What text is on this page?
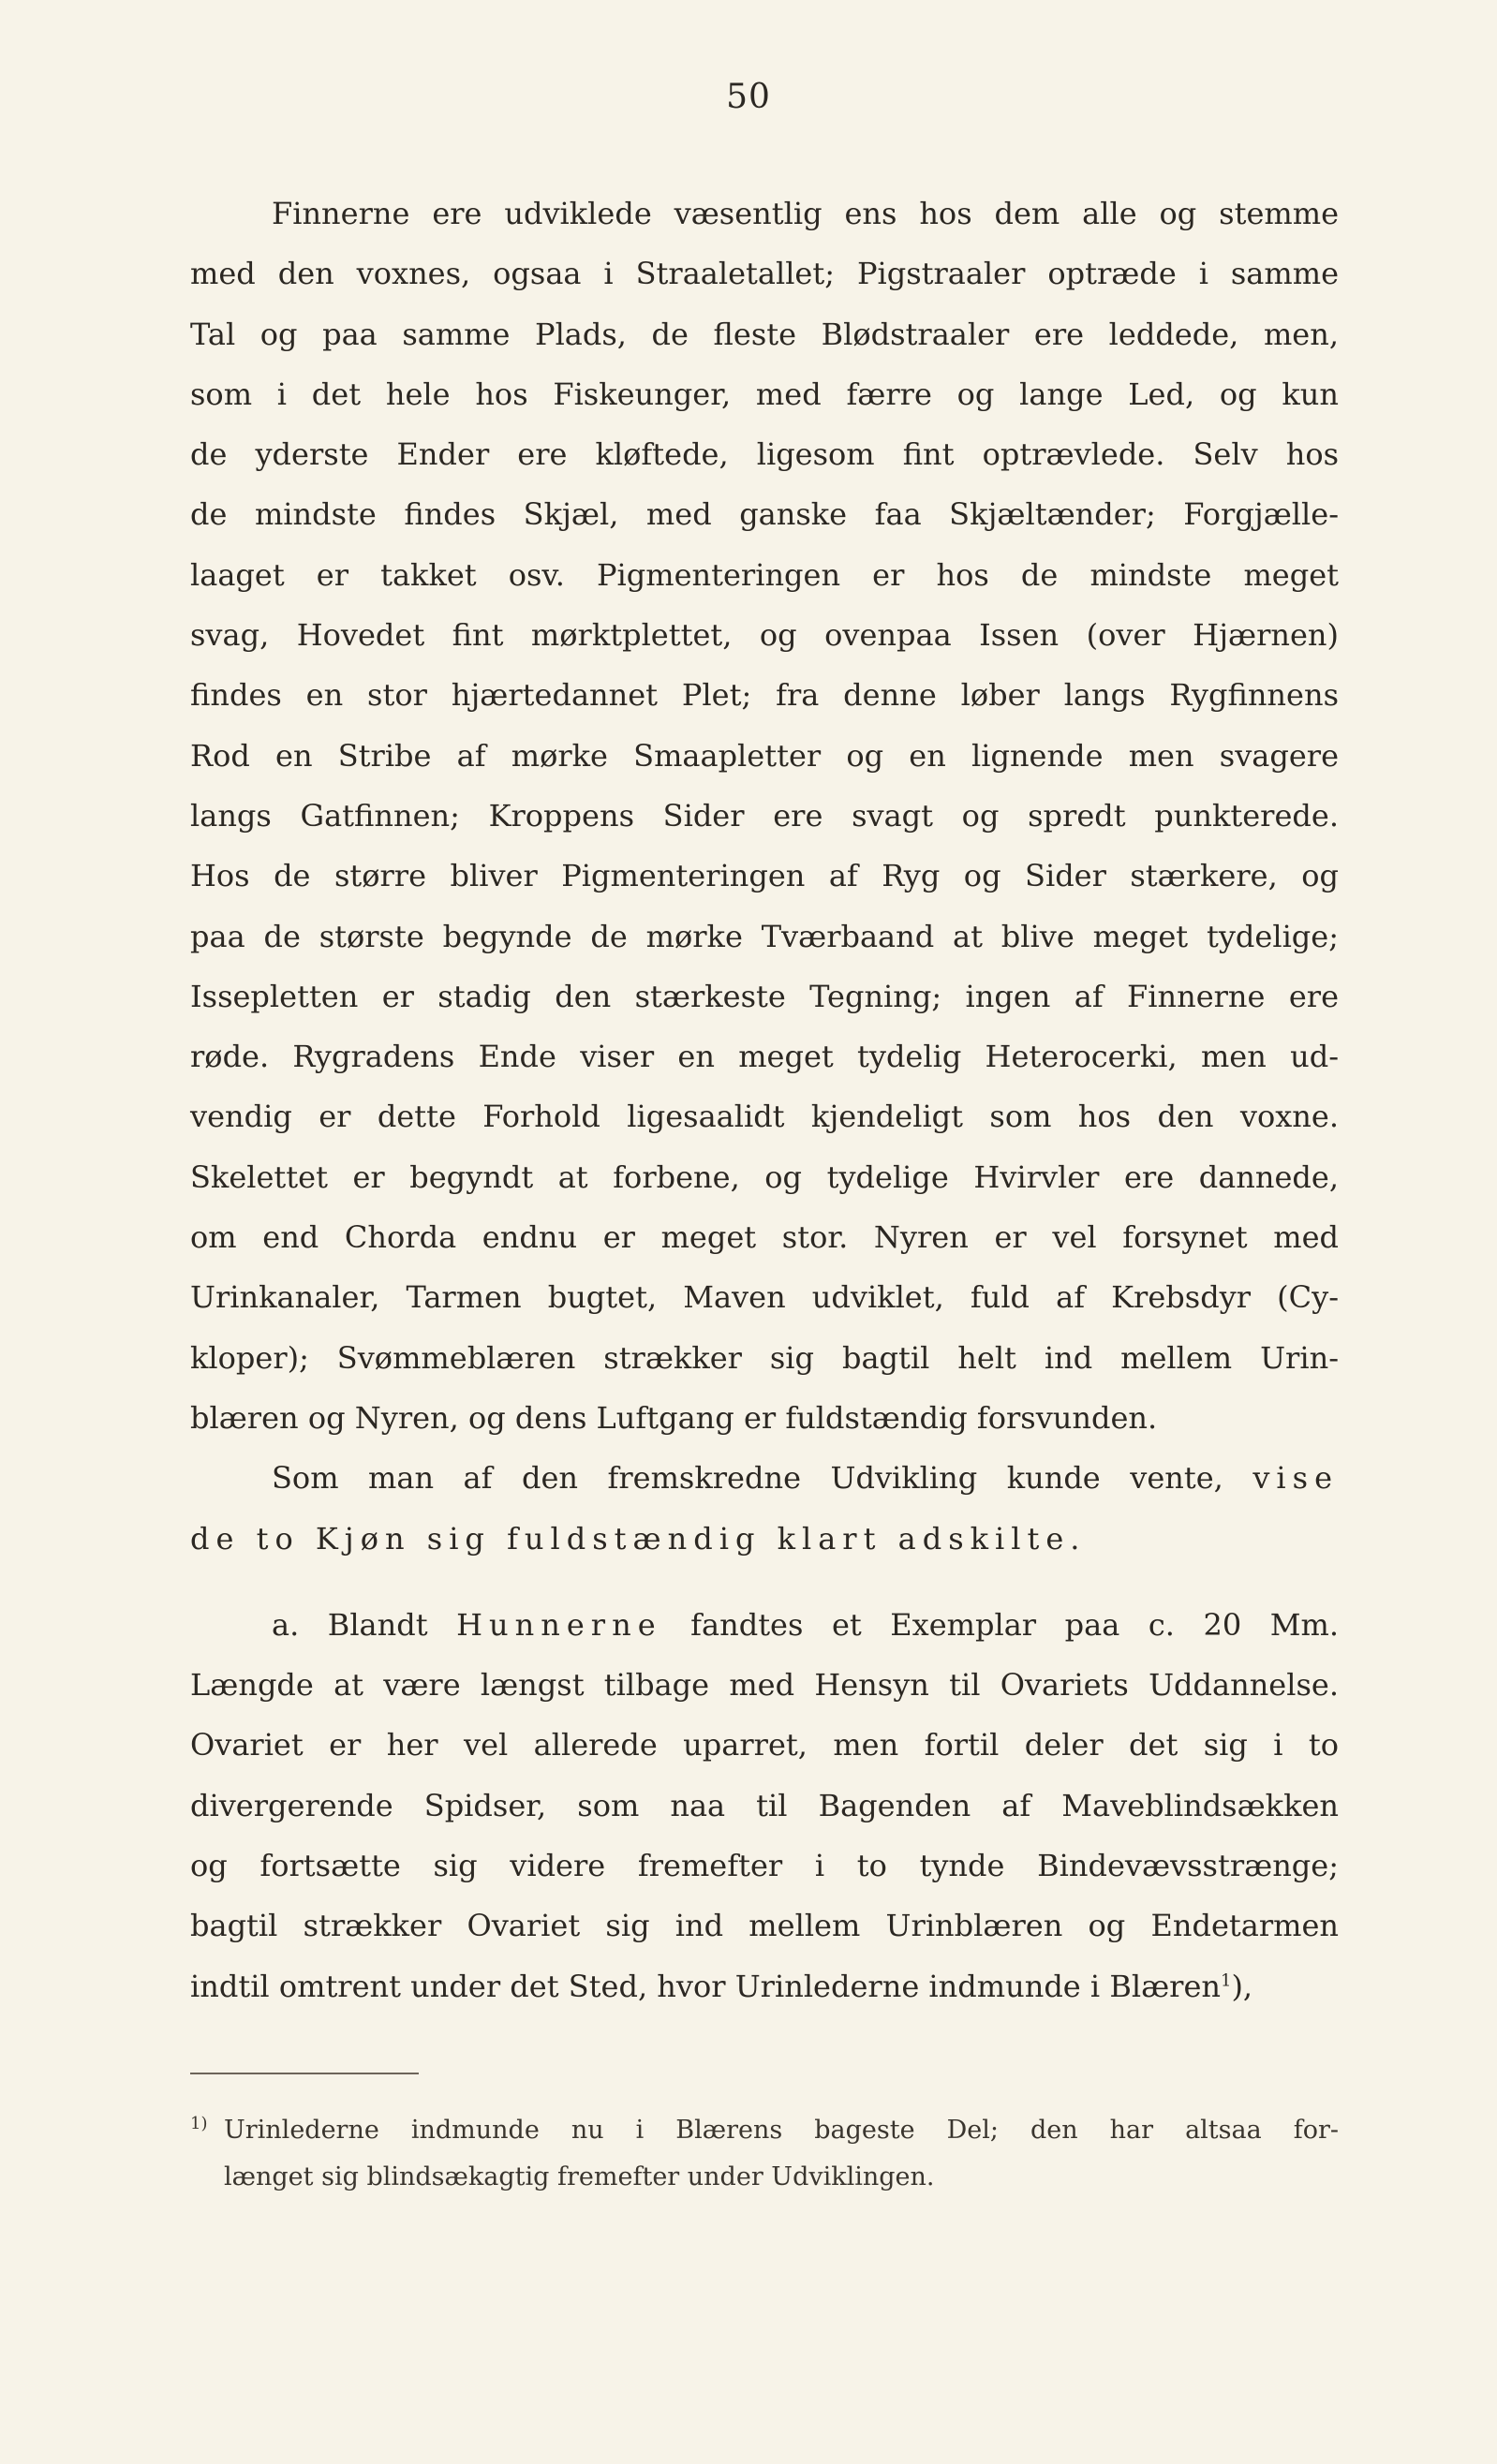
50
Finnerne ere udviklede væsentlig ens hos dem alle og stemme
med den voxnes, ogsaa i Straaletallet; Pigstraaler optræde i samme
Tal og paa samme Plads, de fleste Blødstraaler ere leddede, men,
som i det hele hos Fiskeunger, med færre og lange Led, og kun
de yderste Ender ere kløftede, ligesom fint optrævlede. Selv hos
de mindste findes Skjæl, med ganske faa Skjæltænder; Forgjælle-
laaget er takket osv. Pigmenteringen er hos de mindste meget
svag, Hovedet fint mørktplettet, og ovenpaa Issen (over Hjærnen)
findes en stor hjærtedannet Plet; fra denne løber langs Rygfinnens
Rod en Stribe af mørke Smaapletter og en lignende men svagere
langs Gatfinnen; Kroppens Sider ere svagt og spredt punkterede.
Hos de større bliver Pigmenteringen af Ryg og Sider stærkere, og
paa de største begynde de mørke Tværbaand at blive meget tydelige;
Issepletten er stadig den stærkeste Tegning; ingen af Finnerne ere
røde. Rygradens Ende viser en meget tydelig Heterocerki, men ud-
vendig er dette Forhold ligesaalidt kjendeligt som hos den voxne.
Skelettet er begyndt at forbene, og tydelige Hvirvler ere dannede,
om end Chorda endnu er meget stor. Nyren er vel forsynet med
Urinkanaler, Tarmen bugtet, Maven udviklet, fuld af Krebsdyr (Cy-
kloper); Svømmeblæren strækker sig bagtil helt ind mellem Urin-
blæren og Nyren, og dens Luftgang er fuldstændig forsvunden.
Som man af den fremskredne Udvikling kunde vente, vise
de to Kjøn sig fuldstændig klart adskilte.
a. Blandt Hunnerne fandtes et Exemplar paa c. 20 Mm.
Længde at være længst tilbage med Hensyn til Ovariets Uddannelse.
Ovariet er her vel allerede uparret, men fortil deler det sig i to
divergerende Spidser, som naa til Bagenden af Maveblindsækken
og fortsætte sig videre fremefter i to tynde Bindevævsstrænge;
bagtil strækker Ovariet sig ind mellem Urinblæren og Endetarmen
indtil omtrent under det Sted, hvor Urinlederne indmunde i Blæren$^1$),
1) Urinlederne indmunde nu i Blærens bageste Del; den har altsaa for-
længet sig blindsækagtig fremefter under Udviklingen.
